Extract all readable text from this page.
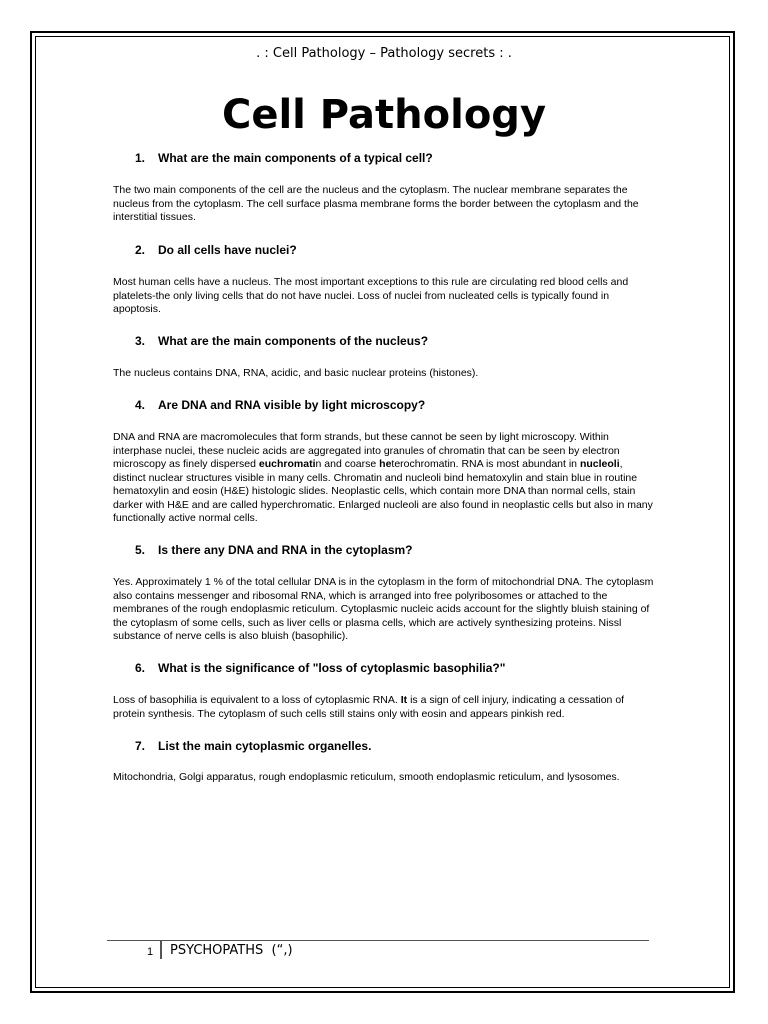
. : Cell Pathology – Pathology secrets : .
Cell Pathology
1. What are the main components of a typical cell?
The two main components of the cell are the nucleus and the cytoplasm. The nuclear membrane separates the nucleus from the cytoplasm. The cell surface plasma membrane forms the border between the cytoplasm and the interstitial tissues.
2. Do all cells have nuclei?
Most human cells have a nucleus. The most important exceptions to this rule are circulating red blood cells and platelets-the only living cells that do not have nuclei. Loss of nuclei from nucleated cells is typically found in apoptosis.
3. What are the main components of the nucleus?
The nucleus contains DNA, RNA, acidic, and basic nuclear proteins (histones).
4. Are DNA and RNA visible by light microscopy?
DNA and RNA are macromolecules that form strands, but these cannot be seen by light microscopy. Within interphase nuclei, these nucleic acids are aggregated into granules of chromatin that can be seen by electron microscopy as finely dispersed euchromatin and coarse heterochromatin. RNA is most abundant in nucleoli, distinct nuclear structures visible in many cells. Chromatin and nucleoli bind hematoxylin and stain blue in routine hematoxylin and eosin (H&E) histologic slides. Neoplastic cells, which contain more DNA than normal cells, stain darker with H&E and are called hyperchromatic. Enlarged nucleoli are also found in neoplastic cells but also in many functionally active normal cells.
5. Is there any DNA and RNA in the cytoplasm?
Yes. Approximately 1 % of the total cellular DNA is in the cytoplasm in the form of mitochondrial DNA. The cytoplasm also contains messenger and ribosomal RNA, which is arranged into free polyribosomes or attached to the membranes of the rough endoplasmic reticulum. Cytoplasmic nucleic acids account for the slightly bluish staining of the cytoplasm of some cells, such as liver cells or plasma cells, which are actively synthesizing proteins. Nissl substance of nerve cells is also bluish (basophilic).
6. What is the significance of "loss of cytoplasmic basophilia?"
Loss of basophilia is equivalent to a loss of cytoplasmic RNA. It is a sign of cell injury, indicating a cessation of protein synthesis. The cytoplasm of such cells still stains only with eosin and appears pinkish red.
7. List the main cytoplasmic organelles.
Mitochondria, Golgi apparatus, rough endoplasmic reticulum, smooth endoplasmic reticulum, and lysosomes.
1 PSYCHOPATHS  (“,)
